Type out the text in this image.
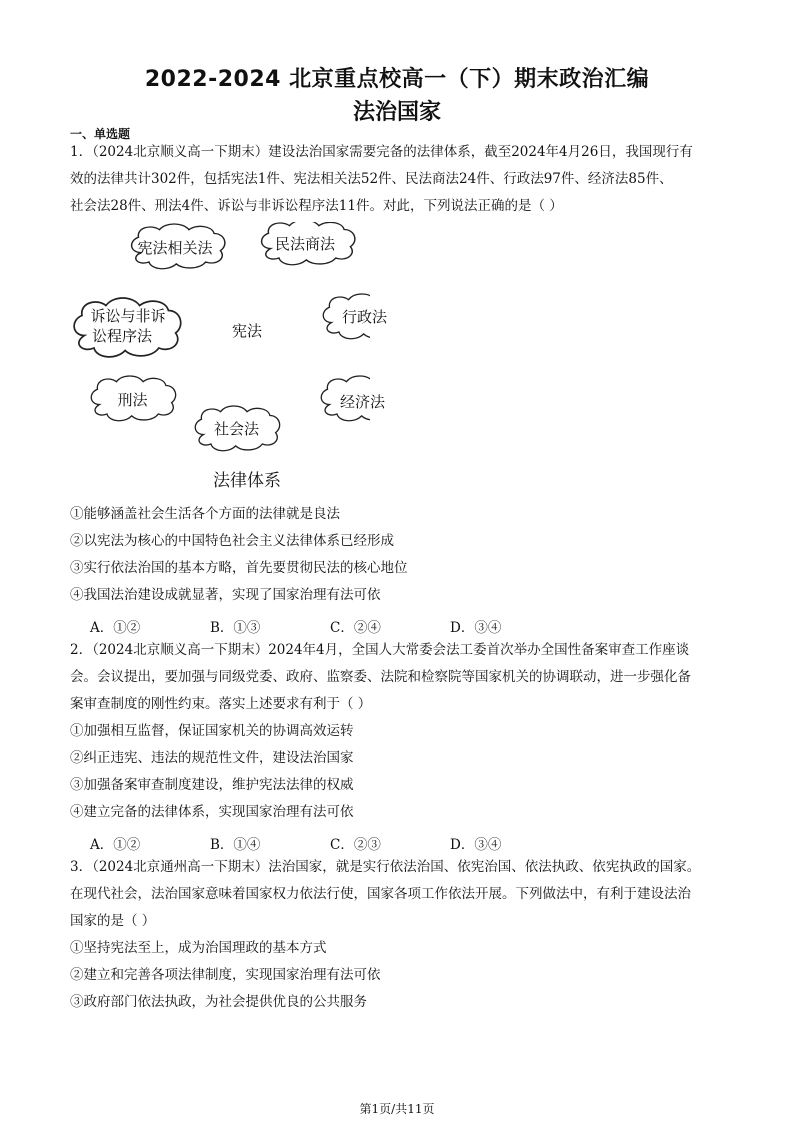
2022-2024 北京重点校高一（下）期末政治汇编
法治国家
一、单选题
1．（2024北京顺义高一下期末）建设法治国家需要完备的法律体系，截至2024年4月26日，我国现行有
效的法律共计302件，包括宪法1件、宪法相关法52件、民法商法24件、行政法97件、经济法85件、
社会法28件、刑法4件、诉讼与非诉讼程序法11件。对此，下列说法正确的是（ ）
宪法相关法	民法商法
诉讼与非诉
讼程序法
行政法
刑法
社会法
经济法
宪法
法律体系
①能够涵盖社会生活各个方面的法律就是良法
②以宪法为核心的中国特色社会主义法律体系已经形成
③实行依法治国的基本方略，首先要贯彻民法的核心地位
④我国法治建设成就显著，实现了国家治理有法可依
A．①②	B．①③	C．②④	D．③④
2．（2024北京顺义高一下期末）2024年4月，全国人大常委会法工委首次举办全国性备案审查工作座谈
会。会议提出，要加强与同级党委、政府、监察委、法院和检察院等国家机关的协调联动，进一步强化备
案审查制度的刚性约束。落实上述要求有利于（ ）
①加强相互监督，保证国家机关的协调高效运转
②纠正违宪、违法的规范性文件，建设法治国家
③加强备案审查制度建设，维护宪法法律的权威
④建立完备的法律体系，实现国家治理有法可依
A．①②	B．①④	C．②③	D．③④
3．（2024北京通州高一下期末）法治国家，就是实行依法治国、依宪治国、依法执政、依宪执政的国家。
在现代社会，法治国家意味着国家权力依法行使，国家各项工作依法开展。下列做法中，有利于建设法治
国家的是（ ）
①坚持宪法至上，成为治国理政的基本方式
②建立和完善各项法律制度，实现国家治理有法可依
③政府部门依法执政，为社会提供优良的公共服务
第1页/共11页
